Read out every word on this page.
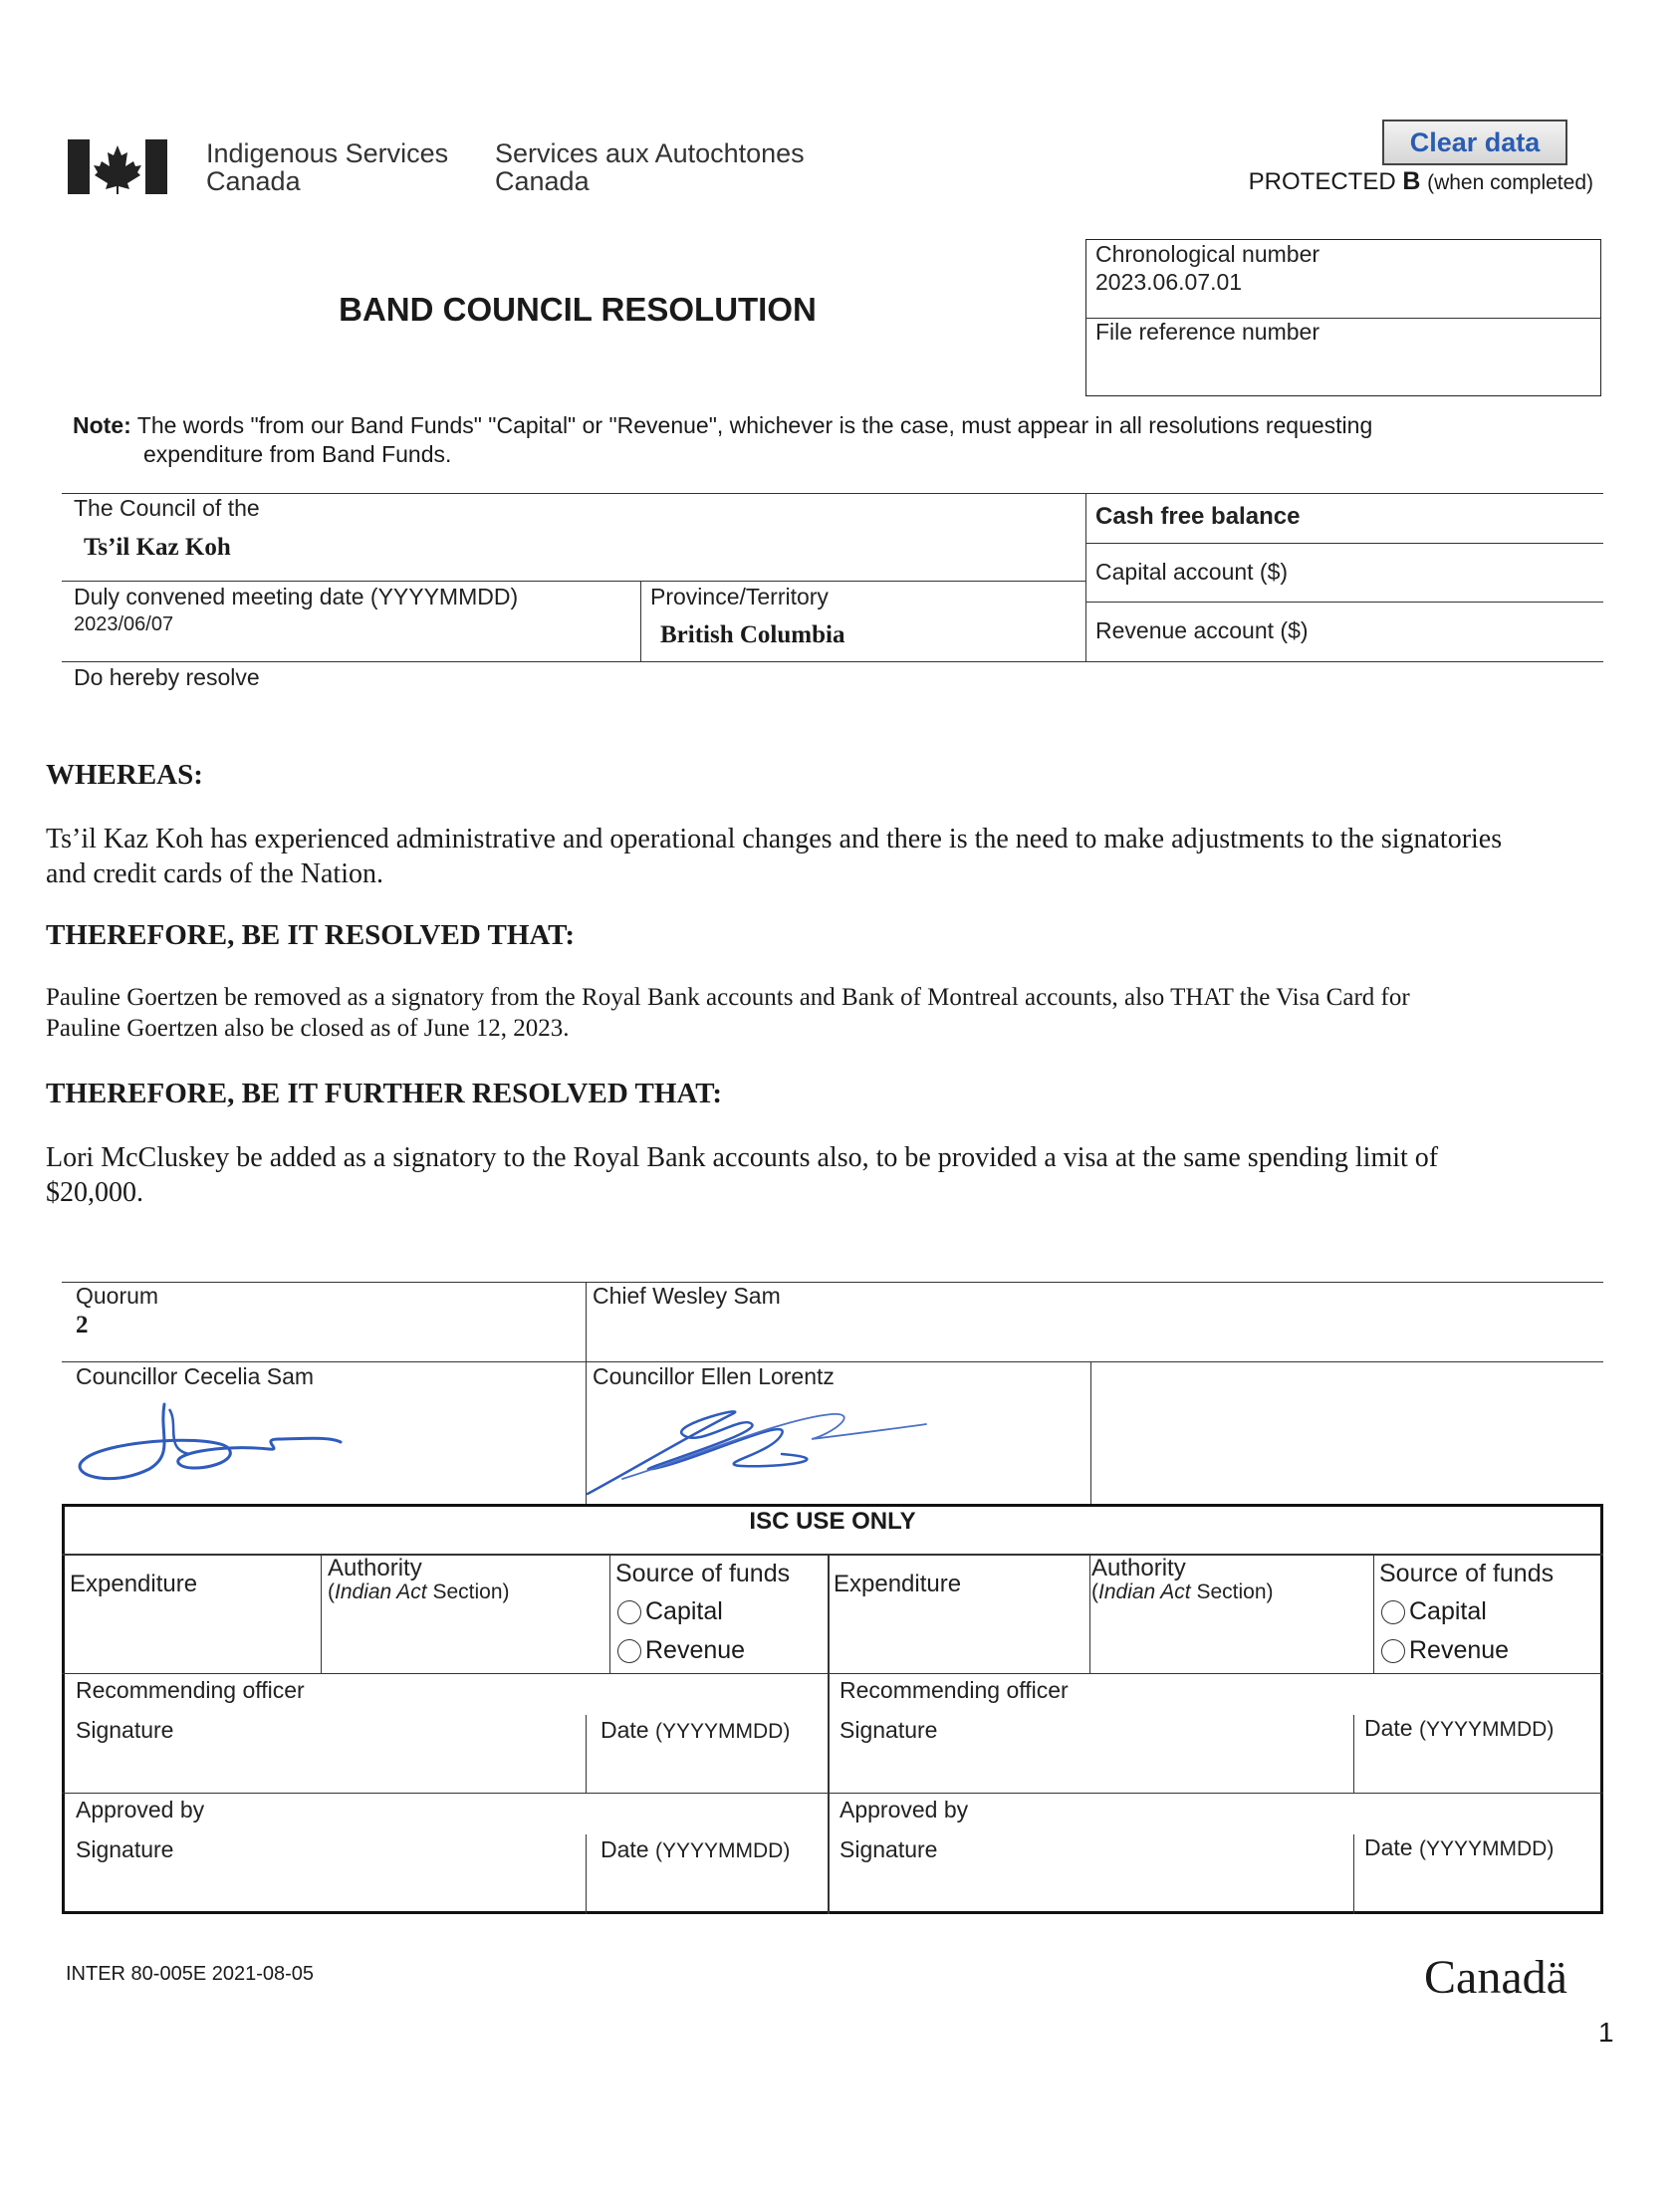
Indigenous Services
Canada
Services aux Autochtones
Canada
Clear data
PROTECTED B (when completed)
BAND COUNCIL RESOLUTION
Chronological number
2023.06.07.01
File reference number
Note: The words "from our Band Funds" "Capital" or "Revenue", whichever is the case, must appear in all resolutions requesting
expenditure from Band Funds.
The Council of the
Ts’il Kaz Koh
Duly convened meeting date (YYYYMMDD)
2023/06/07
Province/Territory
British Columbia
Cash free balance
Capital account ($)
Revenue account ($)
Do hereby resolve
WHEREAS:
Ts’il Kaz Koh has experienced administrative and operational changes and there is the need to make adjustments to the signatories
and credit cards of the Nation.
THEREFORE, BE IT RESOLVED THAT:
Pauline Goertzen be removed as a signatory from the Royal Bank accounts and Bank of Montreal accounts, also THAT the Visa Card for
Pauline Goertzen also be closed as of June 12, 2023.
THEREFORE, BE IT FURTHER RESOLVED THAT:
Lori McCluskey be added as a signatory to the Royal Bank accounts also, to be provided a visa at the same spending limit of
$20,000.
Quorum
2
Chief Wesley Sam
Councillor Cecelia Sam	Councillor Ellen Lorentz
ISC USE ONLY
Expenditure
Authority
(Indian Act Section)
Source of funds
Capital
Revenue
Expenditure
Authority
(Indian Act Section)
Source of funds
Capital
Revenue
Recommending officer
Signature	Date (YYYYMMDD)
Recommending officer
Signature	Date (YYYYMMDD)
Approved by
Signature	Date (YYYYMMDD)
Approved by
Signature	Date (YYYYMMDD)
INTER 80-005E 2021-08-05	Canadä
1
